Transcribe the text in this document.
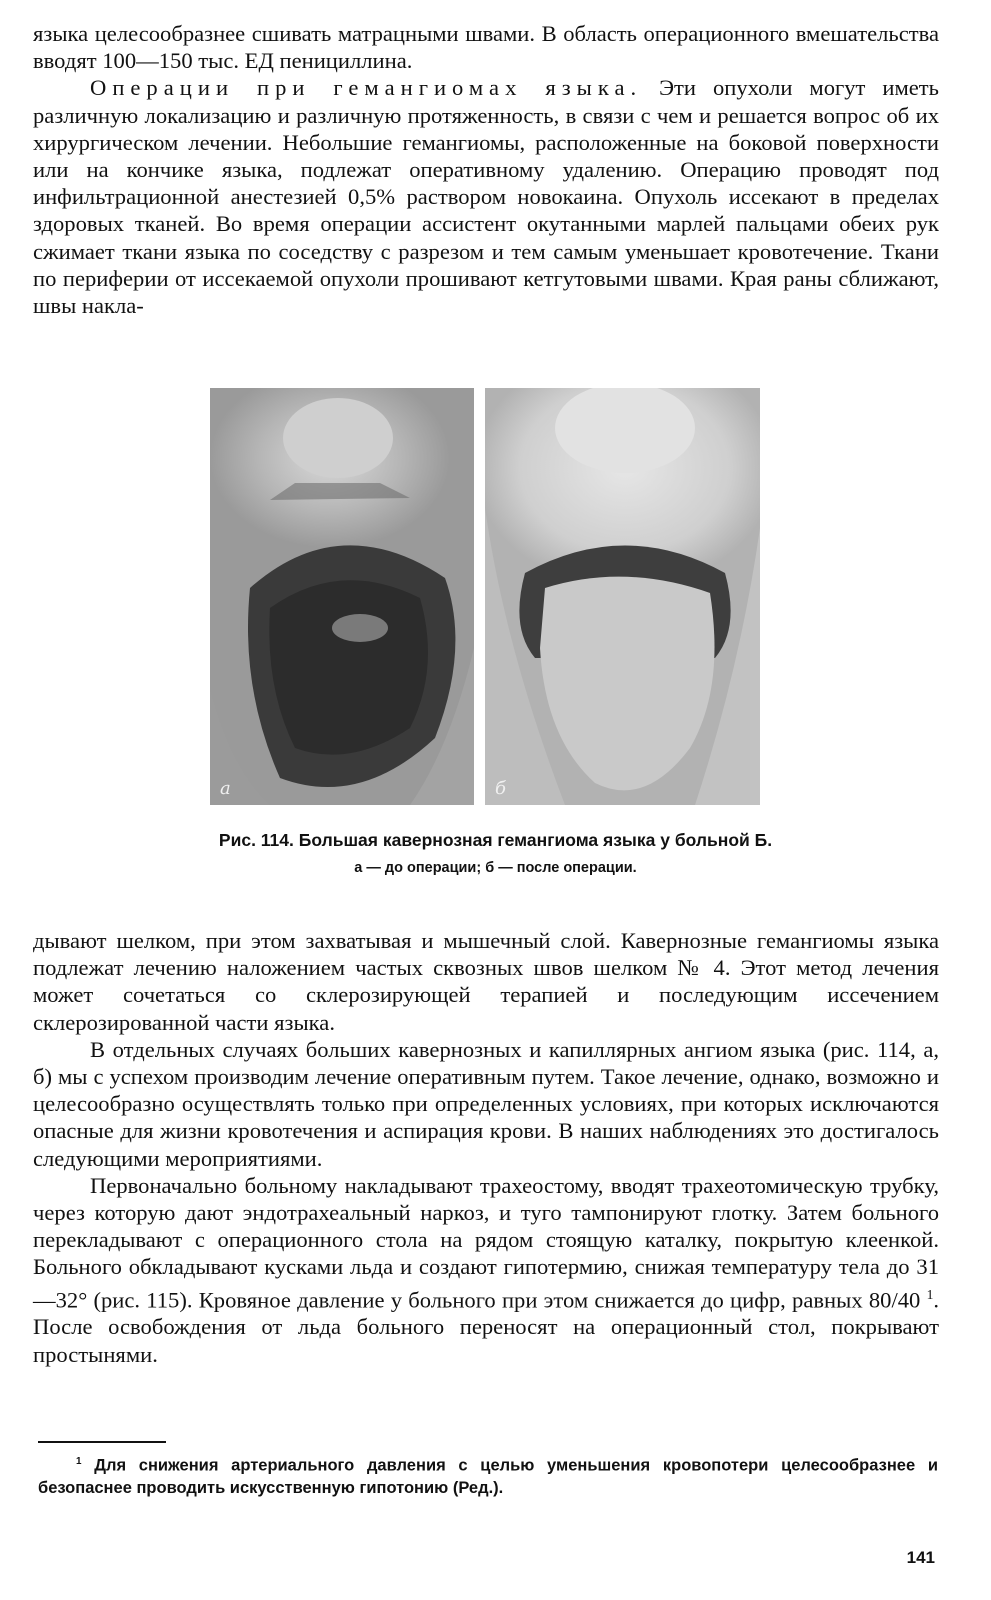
языка целесообразнее сшивать матрацными швами. В область операционного вмешательства вводят 100—150 тыс. ЕД пенициллина.

Операции при гемангиомах языка. Эти опухоли могут иметь различную локализацию и различную протяженность, в связи с чем и решается вопрос об их хирургическом лечении. Небольшие гемангиомы, расположенные на боковой поверхности или на кончике языка, подлежат оперативному удалению. Операцию проводят под инфильтрационной анестезией 0,5% раствором новокаина. Опухоль иссекают в пределах здоровых тканей. Во время операции ассистент окутанными марлей пальцами обеих рук сжимает ткани языка по соседству с разрезом и тем самым уменьшает кровотечение. Ткани по периферии от иссекаемой опухоли прошивают кетгутовыми швами. Края раны сближают, швы накла-

а	б
Рис. 114. Большая кавернозная гемангиома языка у больной Б.
а — до операции; б — после операции.

дывают шелком, при этом захватывая и мышечный слой. Кавернозные гемангиомы языка подлежат лечению наложением частых сквозных швов шелком № 4. Этот метод лечения может сочетаться со склерозирующей терапией и последующим иссечением склерозированной части языка.

В отдельных случаях больших кавернозных и капиллярных ангиом языка (рис. 114, а, б) мы с успехом производим лечение оперативным путем. Такое лечение, однако, возможно и целесообразно осуществлять только при определенных условиях, при которых исключаются опасные для жизни кровотечения и аспирация крови. В наших наблюдениях это достигалось следующими мероприятиями.

Первоначально больному накладывают трахеостому, вводят трахеотомическую трубку, через которую дают эндотрахеальный наркоз, и туго тампонируют глотку. Затем больного перекладывают с операционного стола на рядом стоящую каталку, покрытую клеенкой. Больного обкладывают кусками льда и создают гипотермию, снижая температуру тела до 31—32° (рис. 115). Кровяное давление у больного при этом снижается до цифр, равных 80/40 $^1$. После освобождения от льда больного переносят на операционный стол, покрывают простынями.

$^1$ Для снижения артериального давления с целью уменьшения кровопотери целесообразнее и безопаснее проводить искусственную гипотонию (Ред.).
141
